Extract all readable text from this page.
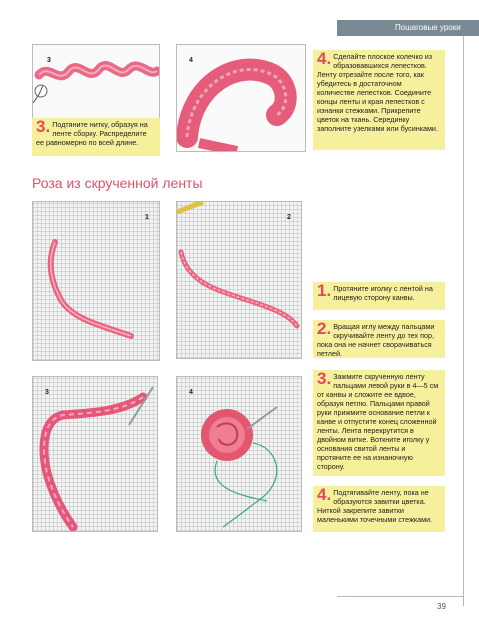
Пошаговые уроки
39
3	4
3. Подтяните нитку, образуя на ленте сборку. Распределите ее равномерно по всей длине.
4. Сделайте плоское колечко из образовавшихся лепестков. Ленту отрезайте после того, как убедитесь в достаточном количестве лепестков. Соедините концы ленты и края лепестков с изнанки стежками. Прикрепите цветок на ткань. Серединку заполните узелками или бусинками.
Роза из скрученной ленты
1	2
3	4
1. Протяните иголку с лентой на лицевую сторону канвы.
2. Вращая иглу между пальцами скручивайте ленту до тех пор, пока она не начнет сворачиваться петлей.
3. Зажмите скрученную ленту пальцами левой руки в 4—5 см от канвы и сложите ее вдвое, образуя петлю. Пальцами правой руки прижмите основание петли к канве и отпустите конец сложенной ленты. Лента перекрутится в двойном витке. Воткните иголку у основания свитой ленты и протяните ее на изнаночную сторону.
4. Подтягивайте ленту, пока не образуются завитки цветка. Ниткой закрепите завитки маленькими точечными стежками.
